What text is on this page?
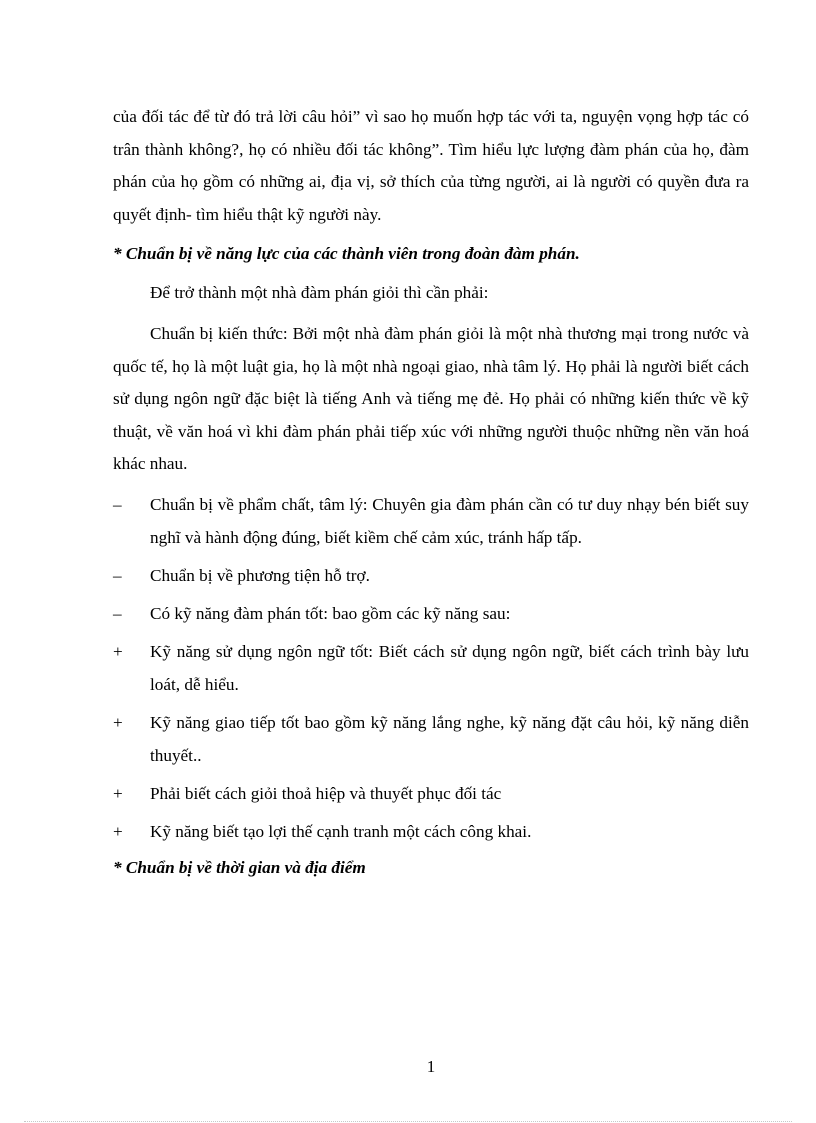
của đối tác để từ đó trả lời câu hỏi” vì sao họ muốn hợp tác với ta, nguyện vọng hợp tác có trân thành không?, họ có nhiều đối tác không”. Tìm hiểu lực lượng đàm phán của họ, đàm phán của họ gồm có những ai, địa vị, sở thích của từng người, ai là người có quyền đưa ra quyết định- tìm hiểu thật kỹ người này.

* Chuẩn bị về năng lực của các thành viên trong đoàn đàm phán.

Để trở thành một nhà đàm phán giỏi thì cần phải:

Chuẩn bị kiến thức: Bởi một nhà đàm phán giỏi là một nhà thương mại trong nước và quốc tế, họ là một luật gia, họ là một nhà ngoại giao, nhà tâm lý. Họ phải là người biết cách sử dụng ngôn ngữ đặc biệt là tiếng Anh và tiếng mẹ đẻ. Họ phải có những kiến thức về kỹ thuật, về văn hoá vì khi đàm phán phải tiếp xúc với những người thuộc những nền văn hoá khác nhau.

–	Chuẩn bị về phẩm chất, tâm lý: Chuyên gia đàm phán cần có tư duy nhạy bén biết suy nghĩ và hành động đúng, biết kiềm chế cảm xúc, tránh hấp tấp.
–	Chuẩn bị về phương tiện hỗ trợ.
–	Có kỹ năng đàm phán tốt: bao gồm các kỹ năng sau:
+	Kỹ năng sử dụng ngôn ngữ tốt: Biết cách sử dụng ngôn ngữ, biết cách trình bày lưu loát, dễ hiểu.
+	Kỹ năng giao tiếp tốt bao gồm kỹ năng lắng nghe, kỹ năng đặt câu hỏi, kỹ năng diễn thuyết..
+	Phải biết cách giỏi thoả hiệp và thuyết phục đối tác
+	Kỹ năng biết tạo lợi thế cạnh tranh một cách công khai.

* Chuẩn bị về thời gian và địa điểm

1
